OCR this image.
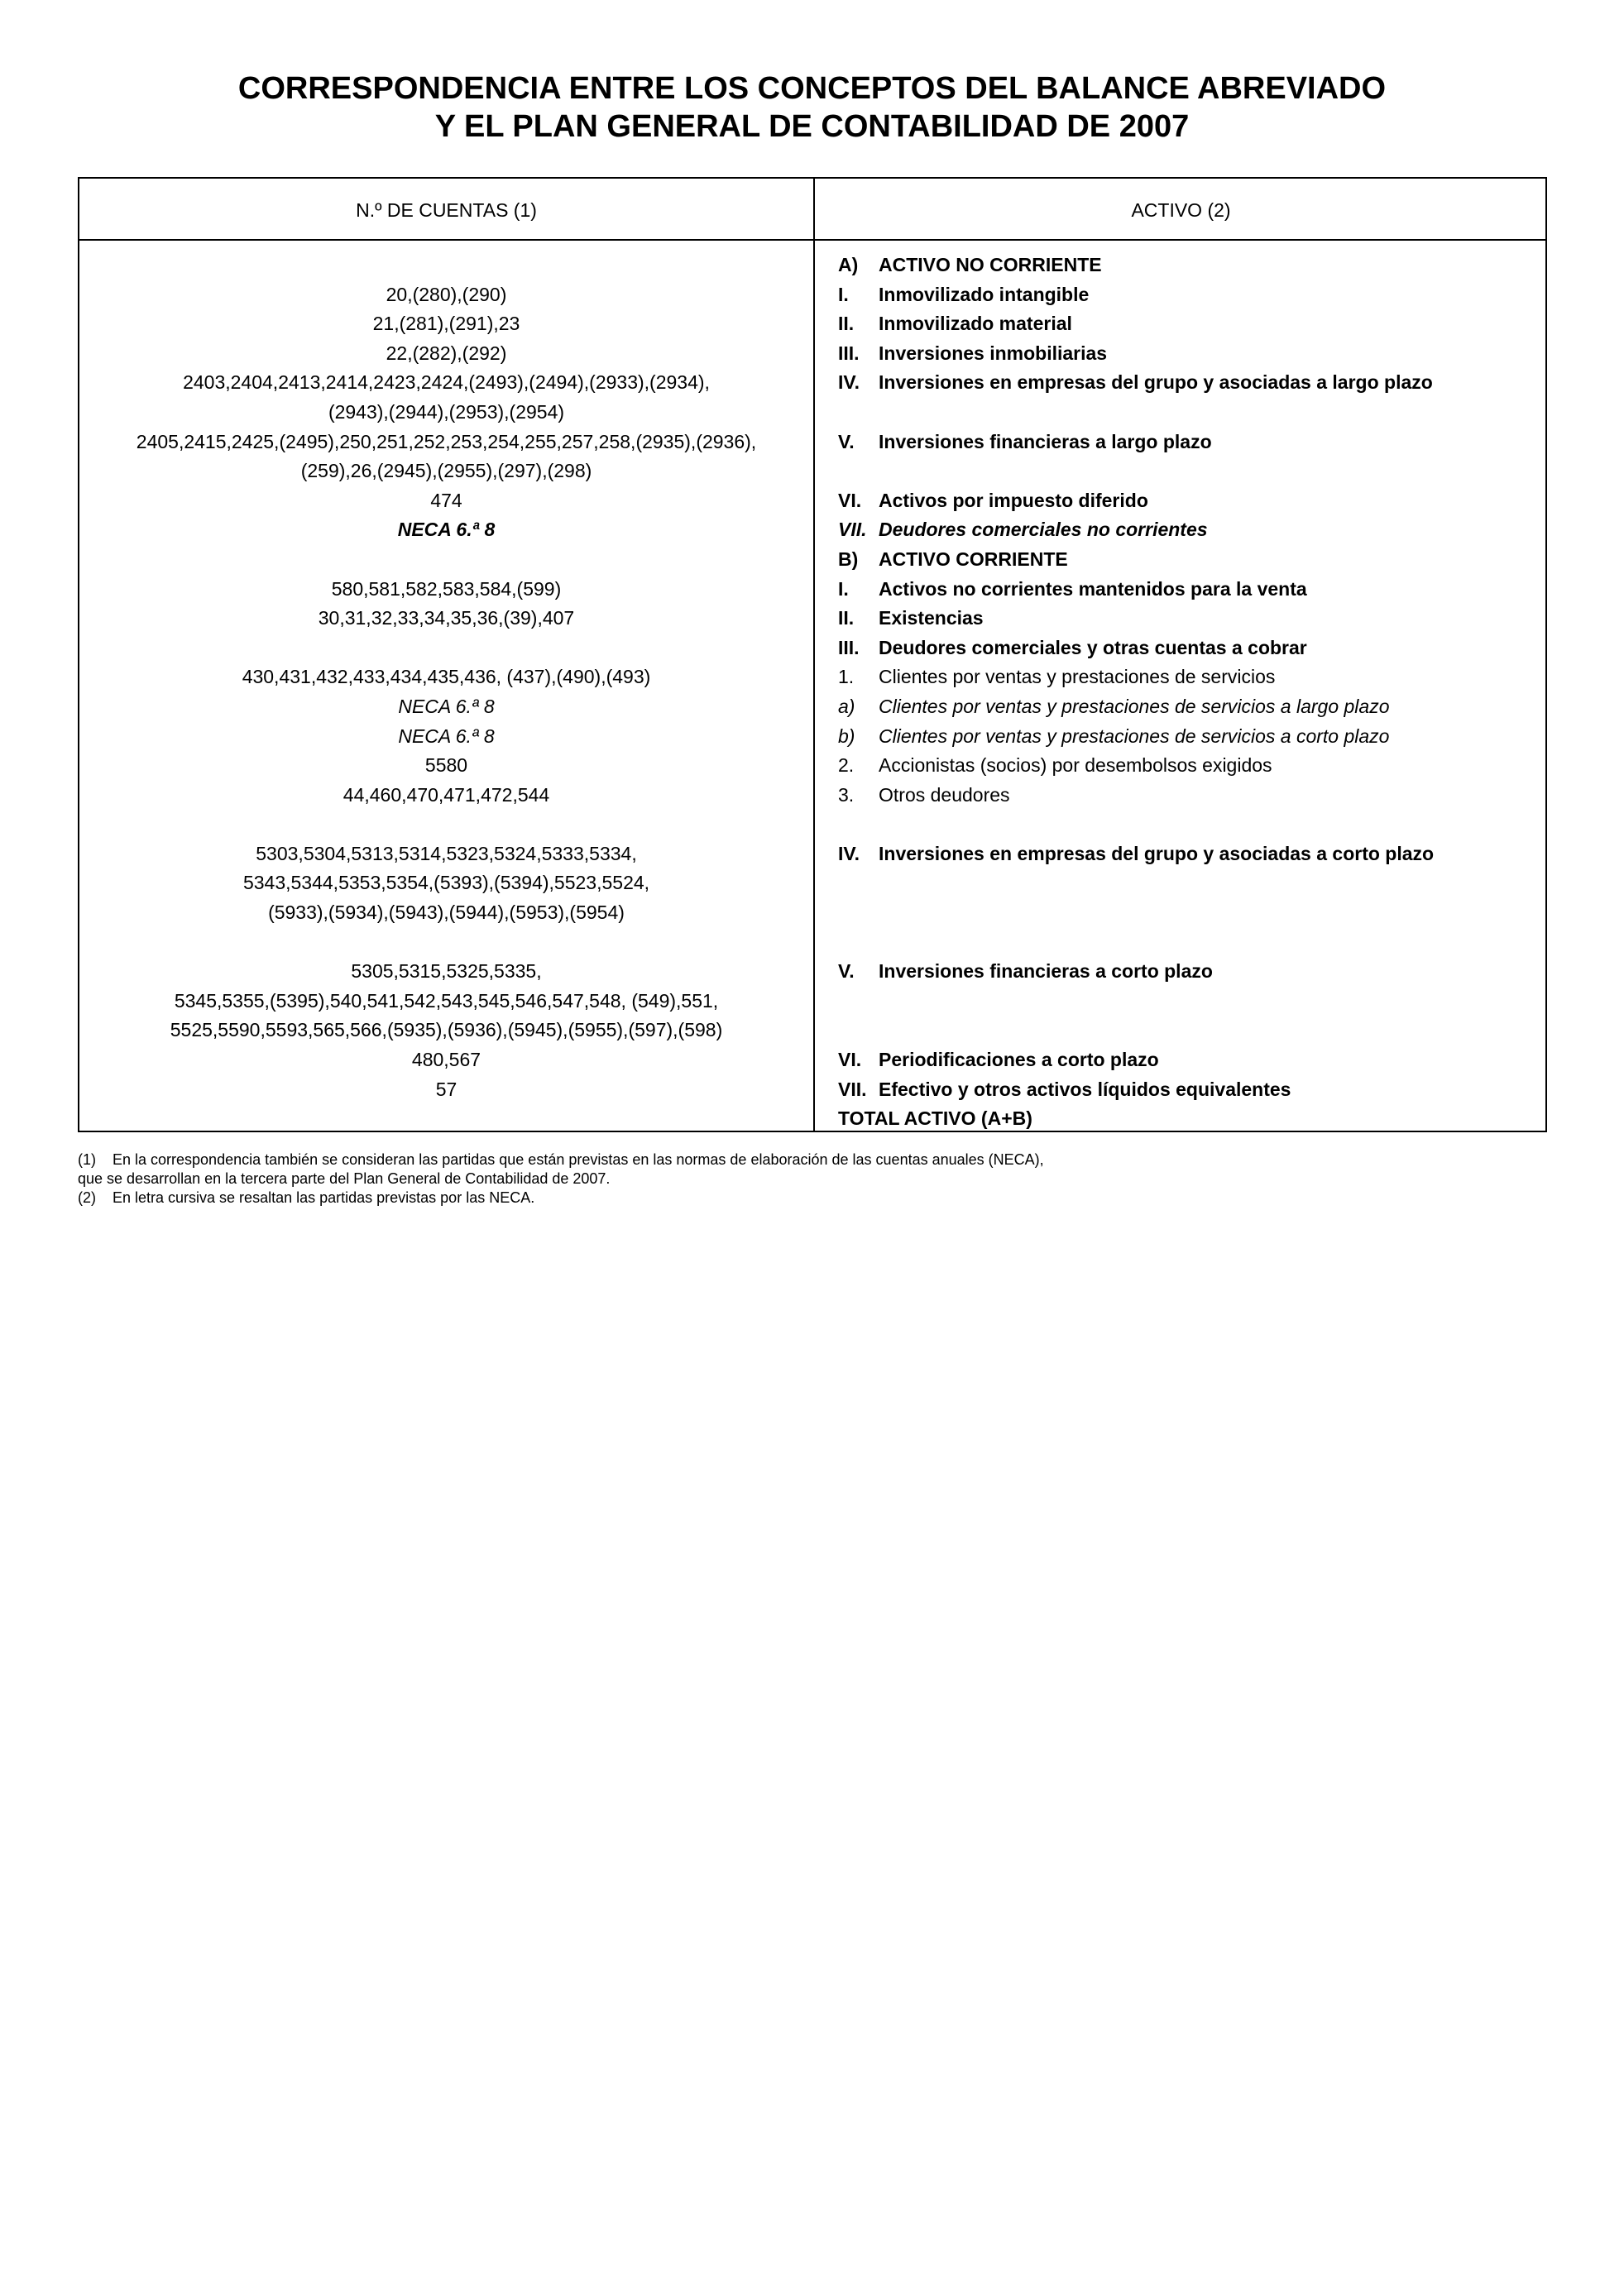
CORRESPONDENCIA ENTRE LOS CONCEPTOS DEL BALANCE ABREVIADO
Y EL PLAN GENERAL DE CONTABILIDAD DE 2007
N.º DE CUENTAS (1)	ACTIVO (2)
A) ACTIVO NO CORRIENTE
20,(280),(290)	I. Inmovilizado intangible
21,(281),(291),23	II. Inmovilizado material
22,(282),(292)	III. Inversiones inmobiliarias
2403,2404,2413,2414,2423,2424,(2493),(2494),(2933),(2934),	IV. Inversiones en empresas del grupo y asociadas a largo plazo
(2943),(2944),(2953),(2954)
2405,2415,2425,(2495),250,251,252,253,254,255,257,258,(2935),(2936),	V. Inversiones financieras a largo plazo
(259),26,(2945),(2955),(297),(298)
474	VI. Activos por impuesto diferido
NECA 6.ª 8	VII. Deudores comerciales no corrientes
B) ACTIVO CORRIENTE
580,581,582,583,584,(599)	I. Activos no corrientes mantenidos para la venta
30,31,32,33,34,35,36,(39),407	II. Existencias
III. Deudores comerciales y otras cuentas a cobrar
430,431,432,433,434,435,436, (437),(490),(493)	1. Clientes por ventas y prestaciones de servicios
NECA 6.ª 8	a) Clientes por ventas y prestaciones de servicios a largo plazo
NECA 6.ª 8	b) Clientes por ventas y prestaciones de servicios a corto plazo
5580	2. Accionistas (socios) por desembolsos exigidos
44,460,470,471,472,544	3. Otros deudores
5303,5304,5313,5314,5323,5324,5333,5334,	IV. Inversiones en empresas del grupo y asociadas a corto plazo
5343,5344,5353,5354,(5393),(5394),5523,5524,
(5933),(5934),(5943),(5944),(5953),(5954)
5305,5315,5325,5335,	V. Inversiones financieras a corto plazo
5345,5355,(5395),540,541,542,543,545,546,547,548, (549),551,
5525,5590,5593,565,566,(5935),(5936),(5945),(5955),(597),(598)
480,567	VI. Periodificaciones a corto plazo
57	VII. Efectivo y otros activos líquidos equivalentes
TOTAL ACTIVO (A+B)
(1) En la correspondencia también se consideran las partidas que están previstas en las normas de elaboración de las cuentas anuales (NECA),
que se desarrollan en la tercera parte del Plan General de Contabilidad de 2007.
(2) En letra cursiva se resaltan las partidas previstas por las NECA.
